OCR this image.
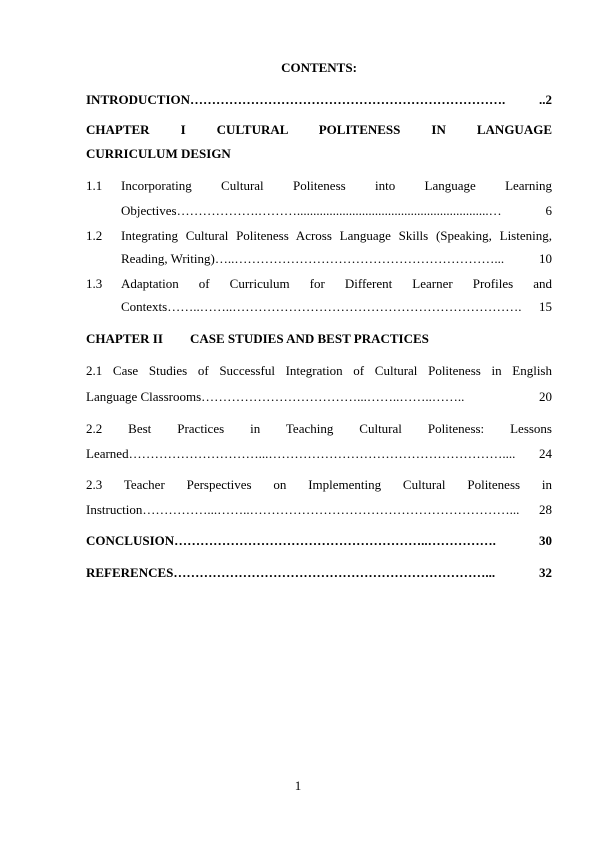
CONTENTS:
INTRODUCTION ……………………………………………………………….	..2
CHAPTER I CULTURAL POLITENESS IN LANGUAGE
CURRICULUM DESIGN
1.1	Incorporating Cultural Politeness into Language Learning
Objectives ……………….………...........................................................…	6
1.2	Integrating Cultural Politeness Across Language Skills (Speaking, Listening,
Reading, Writing) …..……………………………………………………...	10
1.3	Adaptation of Curriculum for Different Learner Profiles and
Contexts ……..……..………………………………………………………….	15
CHAPTER II CASE STUDIES AND BEST PRACTICES
2.1 Case Studies of Successful Integration of Cultural Politeness in English
Language Classrooms ………………………………...……..……..……..	20
2.2 Best Practices in Teaching Cultural Politeness: Lessons
Learned …………………………...………………………………………………....	24
2.3 Teacher Perspectives on Implementing Cultural Politeness in
Instruction ……………...……..……………………………………………………...	28
CONCLUSION …………………………………………………..…………….	30
REFERENCES ………………………………………………………………...	32
1
